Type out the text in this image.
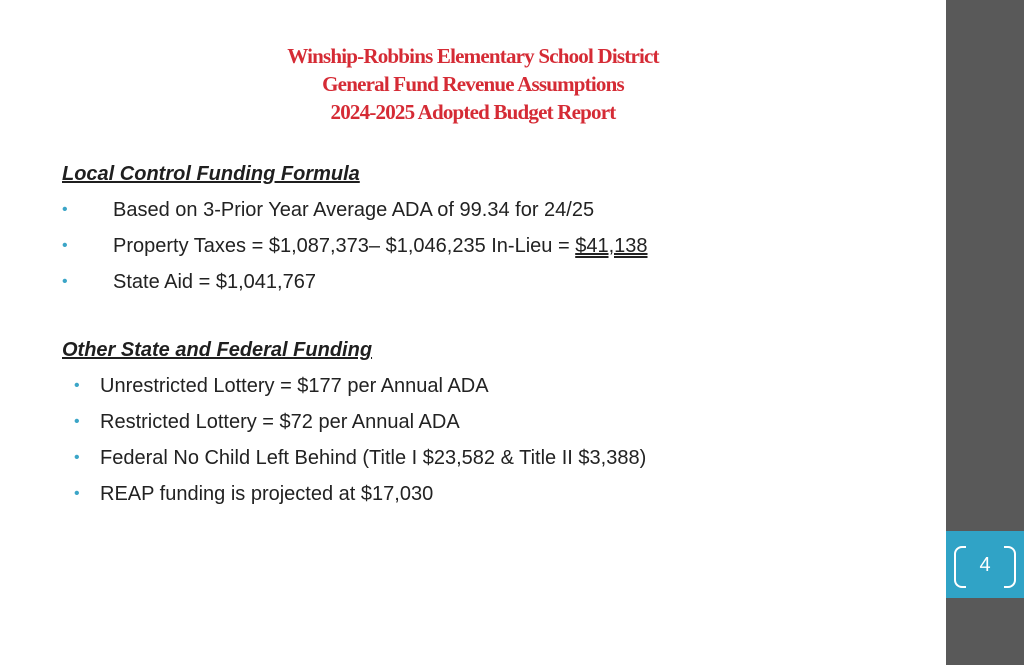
Winship-Robbins Elementary School District
General Fund Revenue Assumptions
2024-2025 Adopted Budget Report
Local Control Funding Formula
• Based on 3-Prior Year Average ADA of 99.34 for 24/25
• Property Taxes = $1,087,373– $1,046,235 In-Lieu = $41,138
• State Aid = $1,041,767
Other State and Federal Funding
• Unrestricted Lottery = $177 per Annual ADA
• Restricted Lottery = $72 per Annual ADA
• Federal No Child Left Behind (Title I $23,582 & Title II $3,388)
• REAP funding is projected at $17,030
4
